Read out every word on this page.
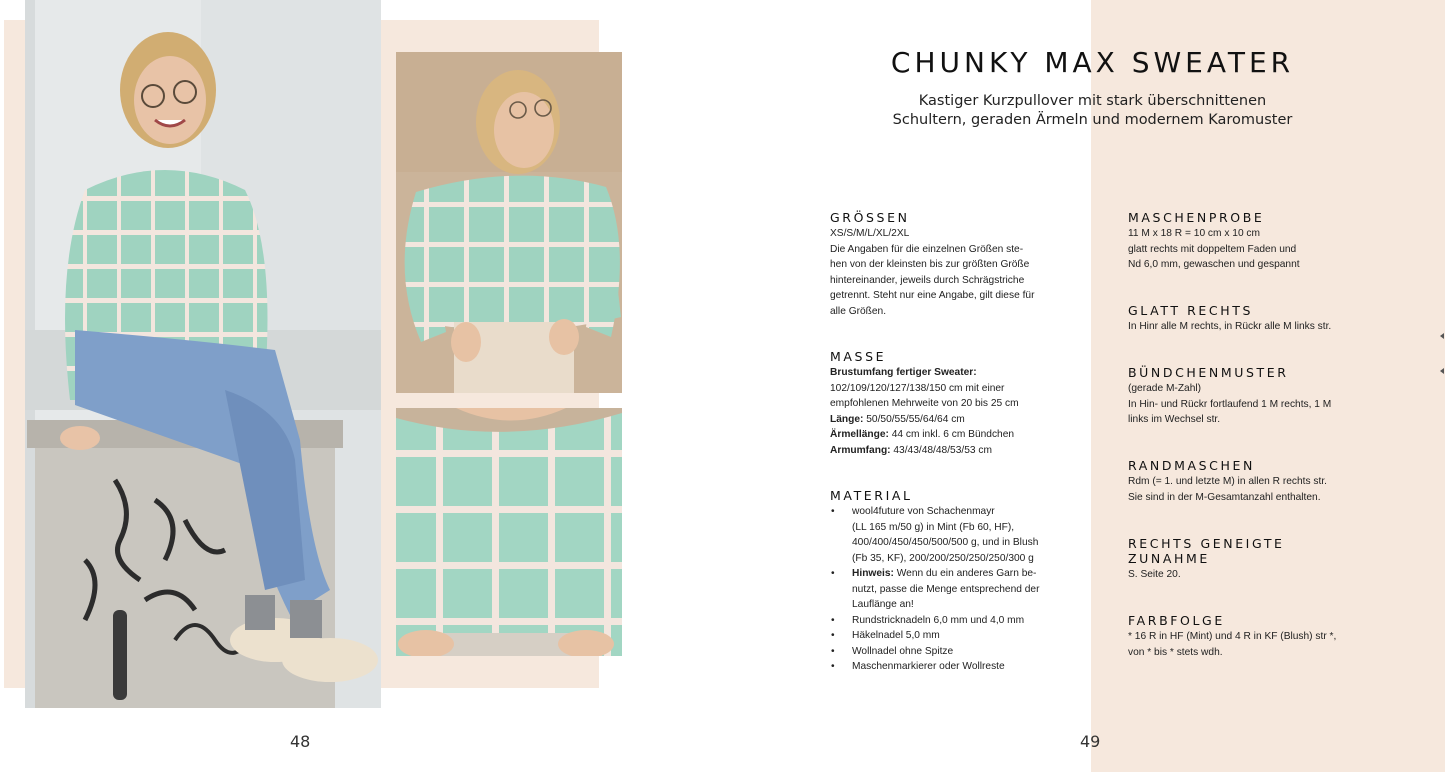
48	49
CHUNKY MAX SWEATER
Kastiger Kurzpullover mit stark überschnittenen
Schultern, geraden Ärmeln und modernem Karomuster
GRÖSSEN
XS/S/M/L/XL/2XL
Die Angaben für die einzelnen Größen ste-
hen von der kleinsten bis zur größten Größe
hintereinander, jeweils durch Schrägstriche
getrennt. Steht nur eine Angabe, gilt diese für
alle Größen.
MASSE
Brustumfang fertiger Sweater:
102/109/120/127/138/150 cm mit einer
empfohlenen Mehrweite von 20 bis 25 cm
Länge: 50/50/55/55/64/64 cm
Ärmellänge: 44 cm inkl. 6 cm Bündchen
Armumfang: 43/43/48/48/53/53 cm
MATERIAL
• wool4future von Schachenmayr
(LL 165 m/50 g) in Mint (Fb 60, HF),
400/400/450/450/500/500 g, und in Blush
(Fb 35, KF), 200/200/250/250/250/300 g
• Hinweis: Wenn du ein anderes Garn be-
nutzt, passe die Menge entsprechend der
Lauflänge an!
• Rundstricknadeln 6,0 mm und 4,0 mm
• Häkelnadel 5,0 mm
• Wollnadel ohne Spitze
• Maschenmarkierer oder Wollreste
MASCHENPROBE
11 M x 18 R = 10 cm x 10 cm
glatt rechts mit doppeltem Faden und
Nd 6,0 mm, gewaschen und gespannt
GLATT RECHTS
In Hinr alle M rechts, in Rückr alle M links str.
BÜNDCHENMUSTER
(gerade M-Zahl)
In Hin- und Rückr fortlaufend 1 M rechts, 1 M
links im Wechsel str.
RANDMASCHEN
Rdm (= 1. und letzte M) in allen R rechts str.
Sie sind in der M-Gesamtanzahl enthalten.
RECHTS GENEIGTE
ZUNAHME
S. Seite 20.
FARBFOLGE
* 16 R in HF (Mint) und 4 R in KF (Blush) str *,
von * bis * stets wdh.
